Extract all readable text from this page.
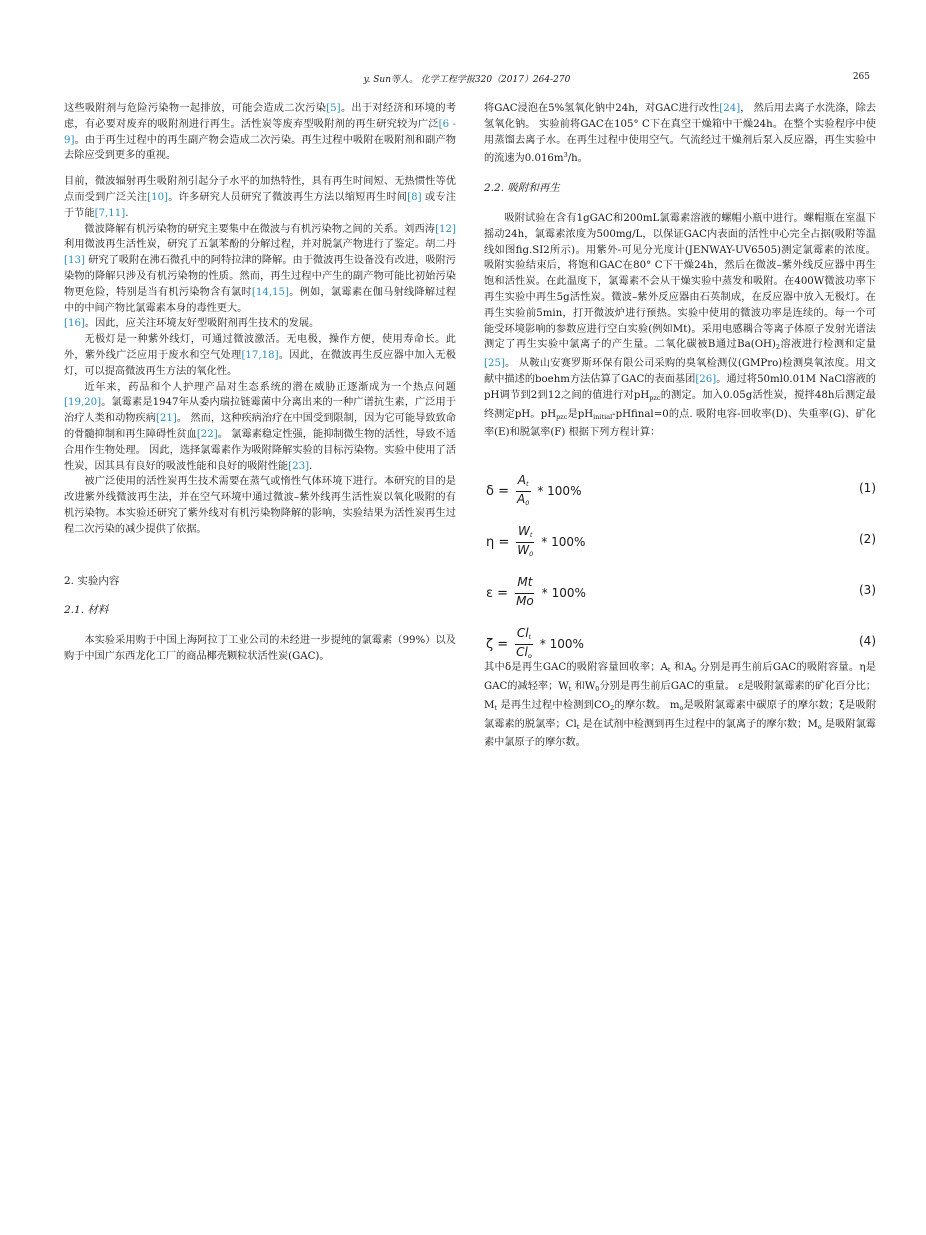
y. Sun等人。 化学工程学报320（2017）264-270	265

这些吸附剂与危险污染物一起排放，可能会造成二次污染[5]。出于对经济和环境的考虑，有必要对废弃的吸附剂进行再生。活性炭等废弃型吸附剂的再生研究较为广泛[6 - 9]。由于再生过程中的再生副产物会造成二次污染。再生过程中吸附在吸附剂和副产物去除应受到更多的重视。

目前，微波辐射再生吸附剂引起分子水平的加热特性，具有再生时间短、无热惯性等优点而受到广泛关注[10]。许多研究人员研究了微波再生方法以缩短再生时间[8] 或专注于节能[7,11].

微波降解有机污染物的研究主要集中在微波与有机污染物之间的关系。刘西涛[12] 利用微波再生活性炭，研究了五氯苯酚的分解过程，并对脱氯产物进行了鉴定。胡二丹[13] 研究了吸附在沸石微孔中的阿特拉津的降解。由于微波再生设备没有改进，吸附污染物的降解只涉及有机污染物的性质。然而，再生过程中产生的副产物可能比初始污染物更危险，特别是当有机污染物含有氯时[14,15]。例如，氯霉素在伽马射线降解过程中的中间产物比氯霉素本身的毒性更大。

[16]。因此，应关注环境友好型吸附剂再生技术的发展。

无极灯是一种紫外线灯，可通过微波激活。无电极，操作方便，使用寿命长。此外，紫外线广泛应用于废水和空气处理[17,18]。因此，在微波再生反应器中加入无极灯，可以提高微波再生方法的氧化性。

近年来，药品和个人护理产品对生态系统的潜在威胁正逐渐成为一个热点问题[19,20]。氯霉素是1947年从委内瑞拉链霉菌中分离出来的一种广谱抗生素，广泛用于治疗人类和动物疾病[21]。 然而，这种疾病治疗在中国受到限制，因为它可能导致致命的骨髓抑制和再生障碍性贫血[22]。 氯霉素稳定性强，能抑制微生物的活性，导致不适合用作生物处理。 因此，选择氯霉素作为吸附降解实验的目标污染物。实验中使用了活性炭，因其具有良好的吸波性能和良好的吸附性能[23].

被广泛使用的活性炭再生技术需要在蒸气或惰性气体环境下进行。本研究的目的是改进紫外线微波再生法，并在空气环境中通过微波–紫外线再生活性炭以氧化吸附的有机污染物。本实验还研究了紫外线对有机污染物降解的影响，实验结果为活性炭再生过程二次污染的减少提供了依据。

2. 实验内容

2.1. 材料

本实验采用购于中国上海阿拉丁工业公司的未经进一步提纯的氯霉素（99%）以及购于中国广东西龙化工厂的商品椰壳颗粒状活性炭(GAC)。

将GAC浸泡在5%氢氧化钠中24h，对GAC进行改性[24]， 然后用去离子水洗涤，除去氢氧化钠。 实验前将GAC在105° C下在真空干燥箱中干燥24h。在整个实验程序中使用蒸馏去离子水。在再生过程中使用空气。气流经过干燥剂后泵入反应器，再生实验中的流速为$0.016m^3/h$。

2.2. 吸附和再生

吸附试验在含有1gGAC和200mL氯霉素溶液的螺帽小瓶中进行。螺帽瓶在室温下摇动24h，氯霉素浓度为500mg/L，以保证GAC内表面的活性中心完全占据(吸附等温线如图fig.SI2所示)。用紫外-可见分光度计(JENWAY-UV6505)测定氯霉素的浓度。吸附实验结束后，将饱和GAC在80° C下干燥24h，然后在微波–紫外线反应器中再生饱和活性炭。在此温度下，氯霉素不会从干燥实验中蒸发和吸附。在400W微波功率下再生实验中再生5g活性炭。微波–紫外反应器由石英制成，在反应器中放入无极灯。在再生实验前5min，打开微波炉进行预热。实验中使用的微波功率是连续的。每一个可能受环境影响的参数应进行空白实验(例如Mt)。采用电感耦合等离子体原子发射光谱法测定了再生实验中氯离子的产生量。二氧化碳被B通过$Ba(OH)_2$溶液进行检测和定量[25]。 从鞍山安赛罗斯环保有限公司采购的臭氧检测仪(GMPro)检测臭氧浓度。用文献中描述的boehm方法估算了GAC的表面基团[26]。通过将50ml0.01M NaCl溶液的pH调节到2到12之间的值进行对$pH_{pzc}$的测定。加入0.05g活性炭，搅拌48h后测定最终测定pH。$pH_{pzc}$是$pH_{initial}-pHfinal=0$的点. 吸附电容-回收率(D)、失重率(G)、矿化率(E)和脱氯率(F) 根据下列方程计算：

$\delta = \frac{A_t}{A_0} * 100\%$	(1)
$\eta = \frac{W_t}{W_0} * 100\%$	(2)
$\varepsilon = \frac{Mt}{Mo} * 100\%$	(3)
$\zeta = \frac{Cl_t}{Cl_o} * 100\%$	(4)

其中δ是再生GAC的吸附容量回收率；$A_t$ 和$A_0$ 分别是再生前后GAC的吸附容量。η是GAC的减轻率；$W_t$ 和$W_0$分别是再生前后GAC的重量。 ε是吸附氯霉素的矿化百分比；$M_t$ 是再生过程中检测到$CO_2$的摩尔数。 $m_o$是吸附氯霉素中碳原子的摩尔数；ξ是吸附氯霉素的脱氯率；$Cl_t$ 是在试剂中检测到再生过程中的氯离子的摩尔数；$M_o$ 是吸附氯霉素中氯原子的摩尔数。
